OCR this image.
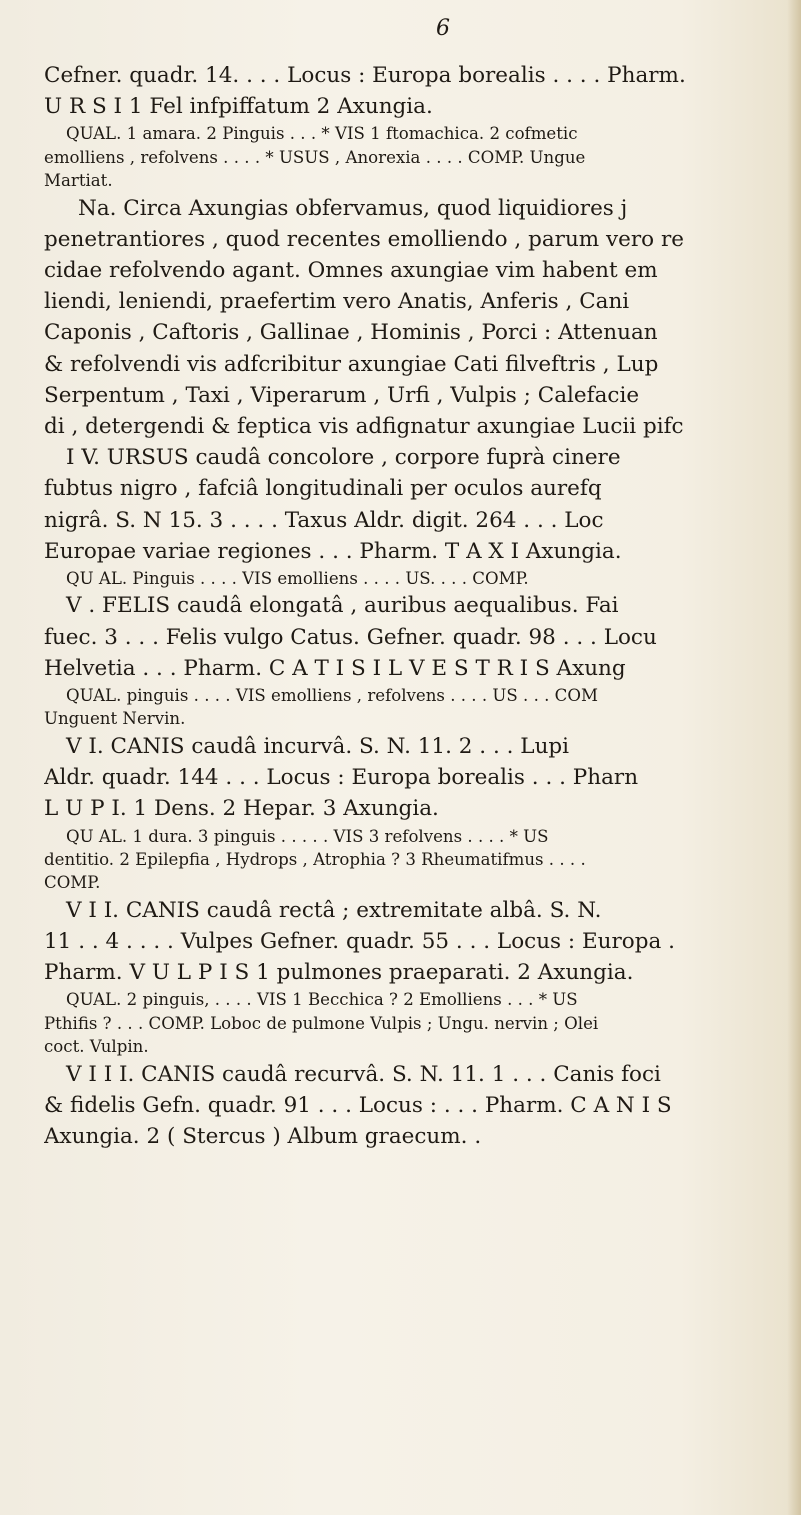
6
Cefner. quadr. 14. . . . Locus : Europa borealis . . . . Pharm.
U R S I 1 Fel infpiffatum 2 Axungia.
QUAL. 1 amara. 2 Pinguis . . . * VIS 1 ftomachica. 2 cofmetic
emolliens , refolvens . . . . * USUS , Anorexia . . . . COMP. Ungue
Martiat.
Na. Circa Axungias obfervamus, quod liquidiores j
penetrantiores , quod recentes emolliendo , parum vero re
cidae refolvendo agant. Omnes axungiae vim habent em
liendi, leniendi, praefertim vero Anatis, Anferis , Cani
Caponis , Caftoris , Gallinae , Hominis , Porci : Attenuan
& refolvendi vis adfcribitur axungiae Cati filveftris , Lup
Serpentum , Taxi , Viperarum , Urfi , Vulpis ; Calefacie
di , detergendi & feptica vis adfignatur axungiae Lucii pifc
I V. URSUS caudâ concolore , corpore fuprà cinere
fubtus nigro , fafciâ longitudinali per oculos aurefq
nigrâ. S. N 15. 3 . . . . Taxus Aldr. digit. 264 . . . Loc
Europae variae regiones . . . Pharm. T A X I Axungia.
QU AL. Pinguis . . . . VIS emolliens . . . . US. . . . COMP.
V . FELIS caudâ elongatâ , auribus aequalibus. Fai
fuec. 3 . . . Felis vulgo Catus. Gefner. quadr. 98 . . . Locu
Helvetia . . . Pharm. C A T I S I L V E S T R I S Axung
QUAL. pinguis . . . . VIS emolliens , refolvens . . . . US . . . COM
Unguent Nervin.
V I. CANIS caudâ incurvâ. S. N. 11. 2 . . . Lupi
Aldr. quadr. 144 . . . Locus : Europa borealis . . . Pharn
L U P I. 1 Dens. 2 Hepar. 3 Axungia.
QU AL. 1 dura. 3 pinguis . . . . . VIS 3 refolvens . . . . * US
dentitio. 2 Epilepfia , Hydrops , Atrophia ? 3 Rheumatifmus . . . .
COMP.
V I I. CANIS caudâ rectâ ; extremitate albâ. S. N.
11 . . 4 . . . . Vulpes Gefner. quadr. 55 . . . Locus : Europa .
Pharm. V U L P I S 1 pulmones praeparati. 2 Axungia.
QUAL. 2 pinguis, . . . . VIS 1 Becchica ? 2 Emolliens . . . * US
Pthifis ? . . . COMP. Loboc de pulmone Vulpis ; Ungu. nervin ; Olei
coct. Vulpin.
V I I I. CANIS caudâ recurvâ. S. N. 11. 1 . . . Canis foci
& fidelis Gefn. quadr. 91 . . . Locus : . . . Pharm. C A N I S
Axungia. 2 ( Stercus ) Album graecum. .
